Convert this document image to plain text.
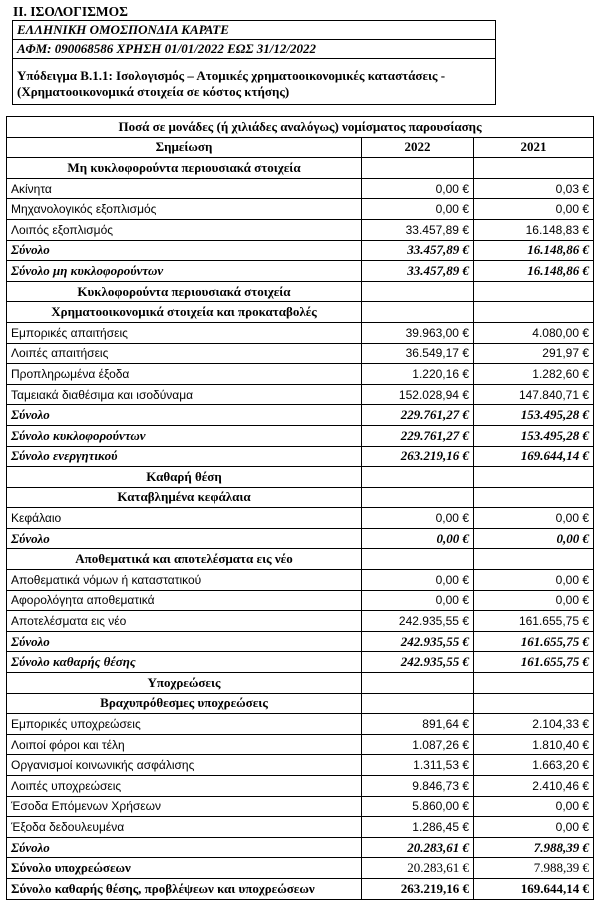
ΙΙ. ΙΣΟΛΟΓΙΣΜΟΣ
ΕΛΛΗΝΙΚΗ ΟΜΟΣΠΟΝΔΙΑ ΚΑΡΑΤΕ
ΑΦΜ: 090068586 ΧΡΗΣΗ 01/01/2022 ΕΩΣ 31/12/2022
Υπόδειγμα Β.1.1: Ισολογισμός – Ατομικές χρηματοοικονομικές καταστάσεις -
(Χρηματοοικονομικά στοιχεία σε κόστος κτήσης)
Ποσά σε μονάδες (ή χιλιάδες αναλόγως) νομίσματος παρουσίασης		
Σημείωση	2022	2021
Μη κυκλοφορούντα περιουσιακά στοιχεία		
Ακίνητα	0,00 €	0,03 €
Μηχανολογικός εξοπλισμός	0,00 €	0,00 €
Λοιπός εξοπλισμός	33.457,89 €	16.148,83 €
Σύνολο	33.457,89 €	16.148,86 €
Σύνολο μη κυκλοφορούντων	33.457,89 €	16.148,86 €
Κυκλοφορούντα περιουσιακά στοιχεία		
Χρηματοοικονομικά στοιχεία και προκαταβολές		
Εμπορικές απαιτήσεις	39.963,00 €	4.080,00 €
Λοιπές απαιτήσεις	36.549,17 €	291,97 €
Προπληρωμένα έξοδα	1.220,16 €	1.282,60 €
Ταμειακά διαθέσιμα και ισοδύναμα	152.028,94 €	147.840,71 €
Σύνολο	229.761,27 €	153.495,28 €
Σύνολο κυκλοφορούντων	229.761,27 €	153.495,28 €
Σύνολο ενεργητικού	263.219,16 €	169.644,14 €
Καθαρή θέση		
Καταβλημένα κεφάλαια		
Κεφάλαιο	0,00 €	0,00 €
Σύνολο	0,00 €	0,00 €
Αποθεματικά και αποτελέσματα εις νέο		
Αποθεματικά νόμων ή καταστατικού	0,00 €	0,00 €
Αφορολόγητα αποθεματικά	0,00 €	0,00 €
Αποτελέσματα εις νέο	242.935,55 €	161.655,75 €
Σύνολο	242.935,55 €	161.655,75 €
Σύνολο καθαρής θέσης	242.935,55 €	161.655,75 €
Υποχρεώσεις		
Βραχυπρόθεσμες υποχρεώσεις		
Εμπορικές υποχρεώσεις	891,64 €	2.104,33 €
Λοιποί φόροι και τέλη	1.087,26 €	1.810,40 €
Οργανισμοί κοινωνικής ασφάλισης	1.311,53 €	1.663,20 €
Λοιπές υποχρεώσεις	9.846,73 €	2.410,46 €
Έσοδα Επόμενων Χρήσεων	5.860,00 €	0,00 €
Έξοδα δεδουλευμένα	1.286,45 €	0,00 €
Σύνολο	20.283,61 €	7.988,39 €
Σύνολο υποχρεώσεων	20.283,61 €	7.988,39 €
Σύνολο καθαρής θέσης, προβλέψεων και υποχρεώσεων	263.219,16 €	169.644,14 €
